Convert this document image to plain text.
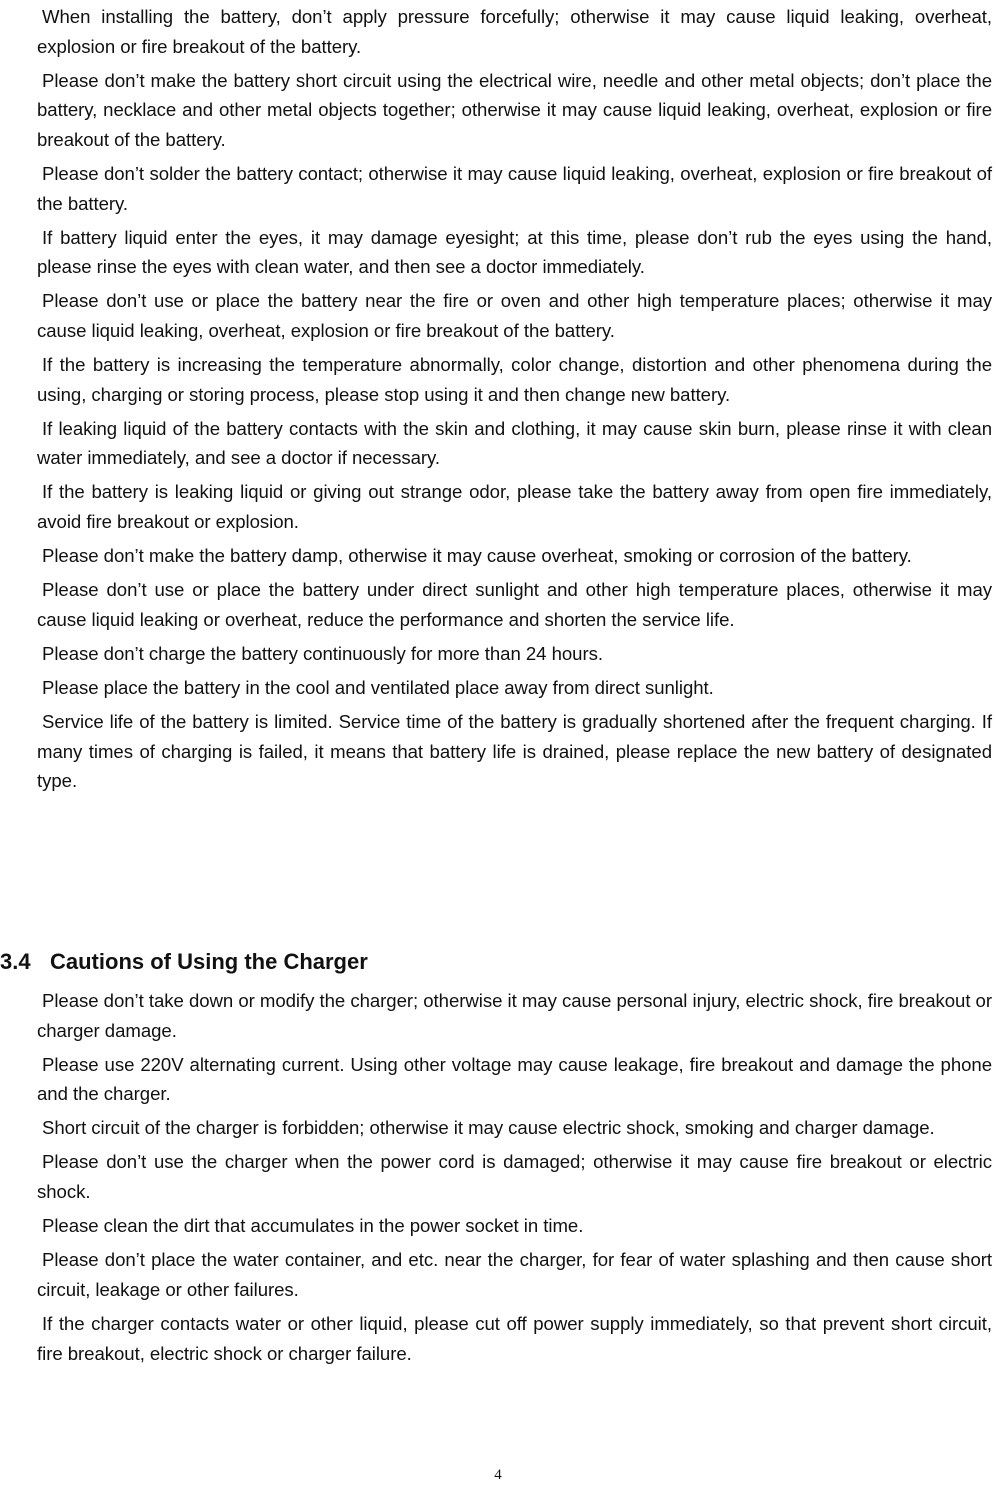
When installing the battery, don’t apply pressure forcefully; otherwise it may cause liquid leaking, overheat, explosion or fire breakout of the battery.

Please don’t make the battery short circuit using the electrical wire, needle and other metal objects; don’t place the battery, necklace and other metal objects together; otherwise it may cause liquid leaking, overheat, explosion or fire breakout of the battery.

Please don’t solder the battery contact; otherwise it may cause liquid leaking, overheat, explosion or fire breakout of the battery.

If battery liquid enter the eyes, it may damage eyesight; at this time, please don’t rub the eyes using the hand, please rinse the eyes with clean water, and then see a doctor immediately.

Please don’t use or place the battery near the fire or oven and other high temperature places; otherwise it may cause liquid leaking, overheat, explosion or fire breakout of the battery.

If the battery is increasing the temperature abnormally, color change, distortion and other phenomena during the using, charging or storing process, please stop using it and then change new battery.

If leaking liquid of the battery contacts with the skin and clothing, it may cause skin burn, please rinse it with clean water immediately, and see a doctor if necessary.

If the battery is leaking liquid or giving out strange odor, please take the battery away from open fire immediately, avoid fire breakout or explosion.

Please don’t make the battery damp, otherwise it may cause overheat, smoking or corrosion of the battery.

Please don’t use or place the battery under direct sunlight and other high temperature places, otherwise it may cause liquid leaking or overheat, reduce the performance and shorten the service life.

Please don’t charge the battery continuously for more than 24 hours.

Please place the battery in the cool and ventilated place away from direct sunlight.

Service life of the battery is limited. Service time of the battery is gradually shortened after the frequent charging. If many times of charging is failed, it means that battery life is drained, please replace the new battery of designated type.

3.4 Cautions of Using the Charger

Please don’t take down or modify the charger; otherwise it may cause personal injury, electric shock, fire breakout or charger damage.

Please use 220V alternating current. Using other voltage may cause leakage, fire breakout and damage the phone and the charger.

Short circuit of the charger is forbidden; otherwise it may cause electric shock, smoking and charger damage.

Please don’t use the charger when the power cord is damaged; otherwise it may cause fire breakout or electric shock.

Please clean the dirt that accumulates in the power socket in time.

Please don’t place the water container, and etc. near the charger, for fear of water splashing and then cause short circuit, leakage or other failures.

If the charger contacts water or other liquid, please cut off power supply immediately, so that prevent short circuit, fire breakout, electric shock or charger failure.

4
